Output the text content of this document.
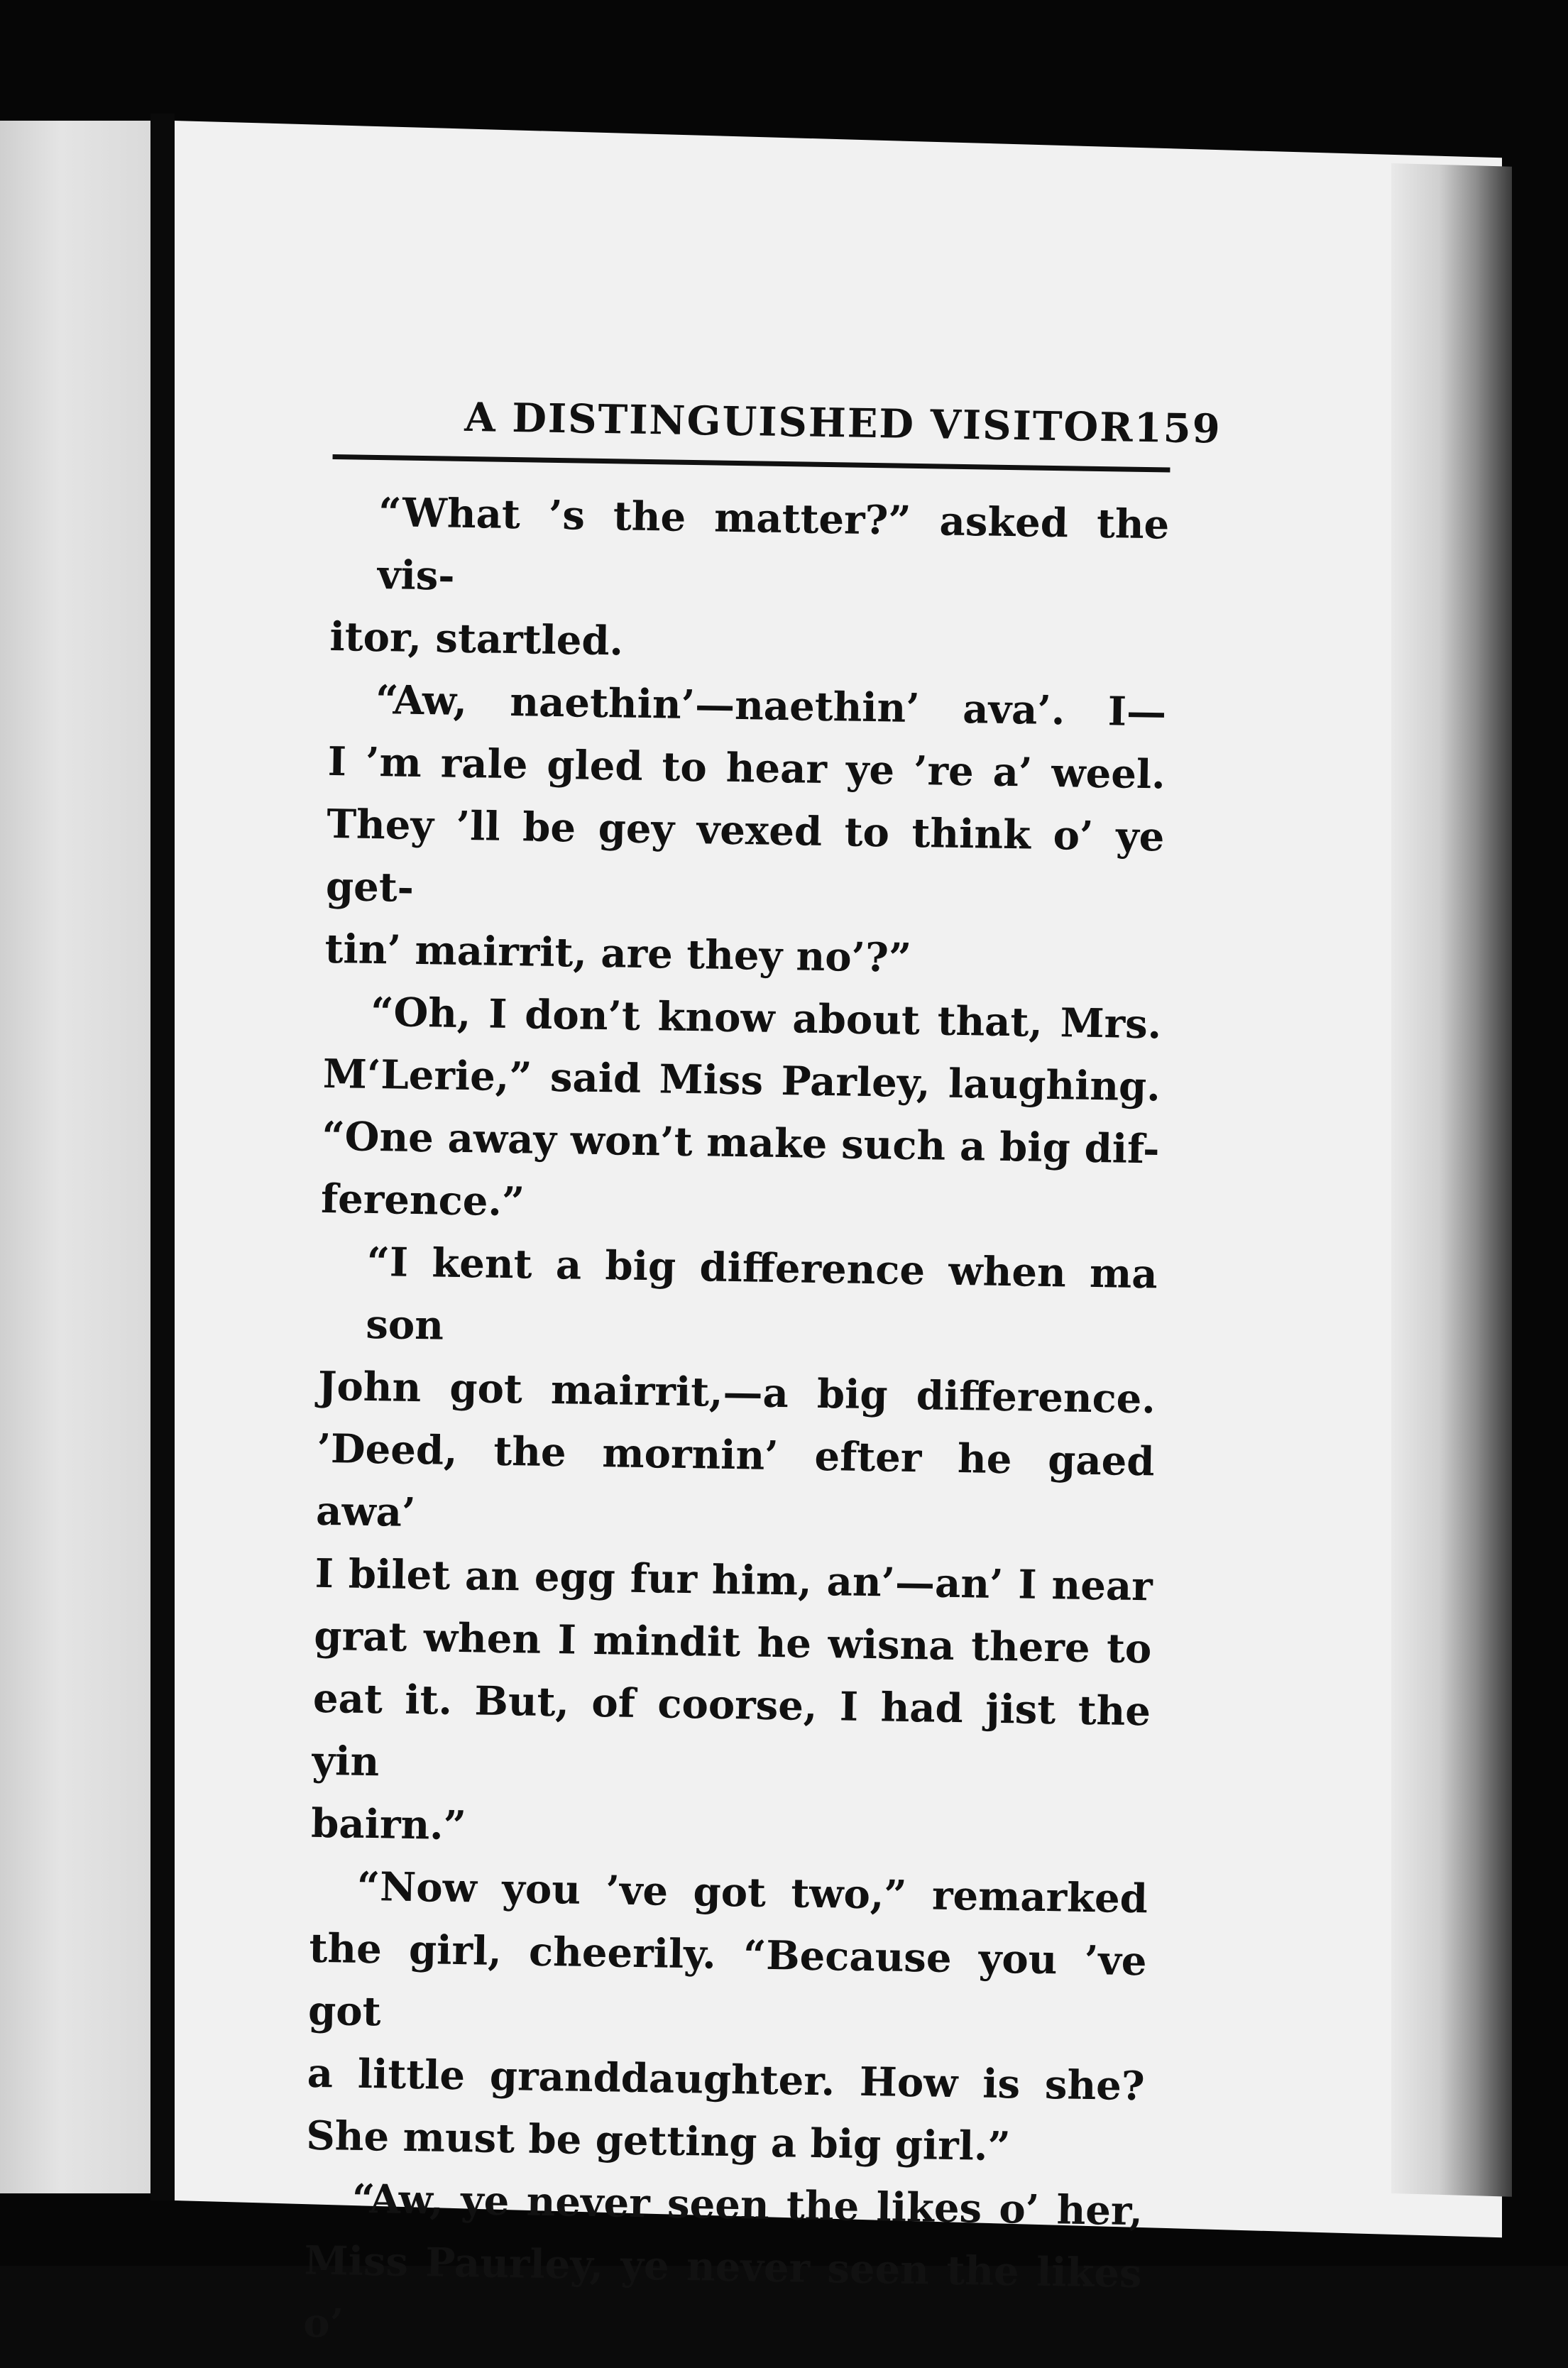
A DISTINGUISHED VISITOR
159
“What ’s the matter?” asked the vis-
itor, startled.
“Aw, naethin’—naethin’ ava’. I—
I ’m rale gled to hear ye ’re a’ weel.
They ’ll be gey vexed to think o’ ye get-
tin’ mairrit, are they no’?”
“Oh, I don’t know about that, Mrs.
M‘Lerie,” said Miss Parley, laughing.
“One away won’t make such a big dif-
ference.”
“I kent a big difference when ma son
John got mairrit,—a big difference.
’Deed, the mornin’ efter he gaed awa’
I bilet an egg fur him, an’—an’ I near
grat when I mindit he wisna there to
eat it. But, of coorse, I had jist the yin
bairn.”
“Now you ’ve got two,” remarked
the girl, cheerily. “Because you ’ve got
a little granddaughter. How is she?
She must be getting a big girl.”
“Aw, ye never seen the likes o’ her,
Miss Paurley, ye never seen the likes o’
